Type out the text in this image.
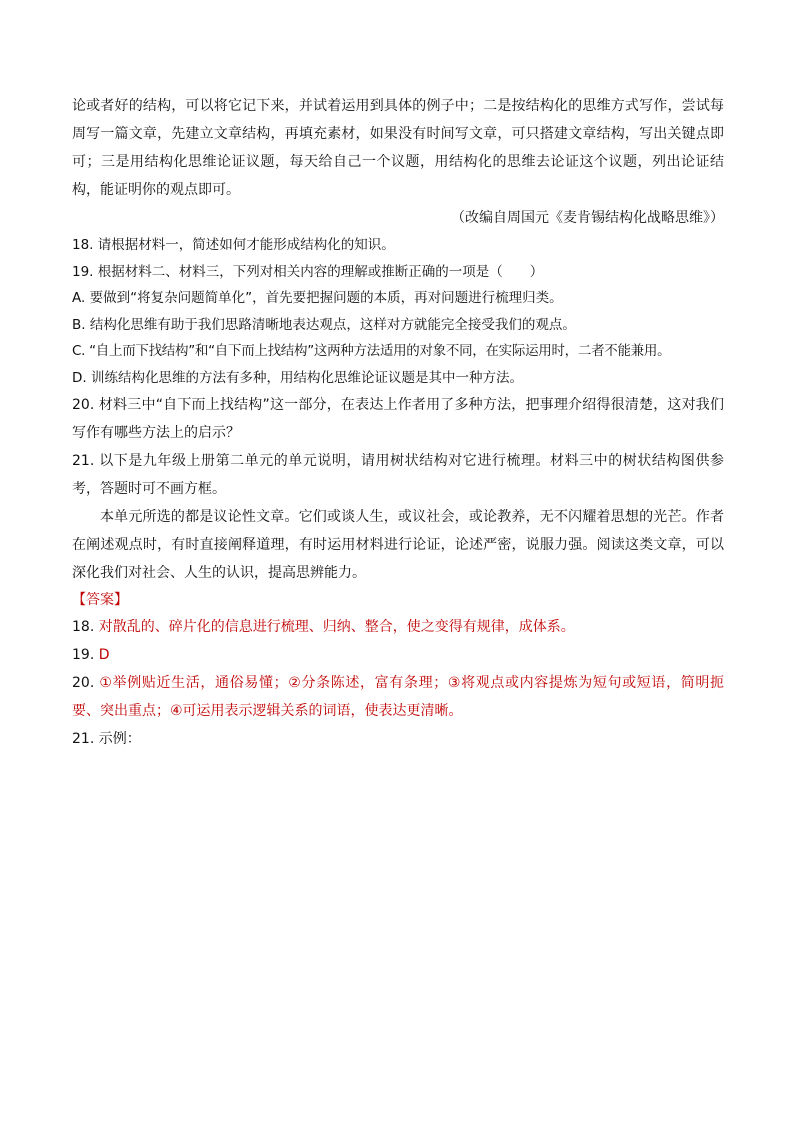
论或者好的结构，可以将它记下来，并试着运用到具体的例子中；二是按结构化的思维方式写作，尝试每周写一篇文章，先建立文章结构，再填充素材，如果没有时间写文章，可只搭建文章结构，写出关键点即可；三是用结构化思维论证议题，每天给自己一个议题，用结构化的思维去论证这个议题，列出论证结构，能证明你的观点即可。

（改编自周国元《麦肯锡结构化战略思维》）

18. 请根据材料一，简述如何才能形成结构化的知识。

19. 根据材料二、材料三，下列对相关内容的理解或推断正确的一项是（　　）

A. 要做到“将复杂问题简单化”，首先要把握问题的本质，再对问题进行梳理归类。

B. 结构化思维有助于我们思路清晰地表达观点，这样对方就能完全接受我们的观点。

C. “自上而下找结构”和“自下而上找结构”这两种方法适用的对象不同，在实际运用时，二者不能兼用。

D. 训练结构化思维的方法有多种，用结构化思维论证议题是其中一种方法。

20. 材料三中“自下而上找结构”这一部分，在表达上作者用了多种方法，把事理介绍得很清楚，这对我们写作有哪些方法上的启示？

21. 以下是九年级上册第二单元的单元说明，请用树状结构对它进行梳理。材料三中的树状结构图供参考，答题时可不画方框。

本单元所选的都是议论性文章。它们或谈人生，或议社会，或论教养，无不闪耀着思想的光芒。作者在阐述观点时，有时直接阐释道理，有时运用材料进行论证，论述严密，说服力强。阅读这类文章，可以深化我们对社会、人生的认识，提高思辨能力。

【答案】

18. 对散乱的、碎片化的信息进行梳理、归纳、整合，使之变得有规律，成体系。

19. D

20. ①举例贴近生活，通俗易懂；②分条陈述，富有条理；③将观点或内容提炼为短句或短语，简明扼要、突出重点；④可运用表示逻辑关系的词语，使表达更清晰。

21. 示例：
